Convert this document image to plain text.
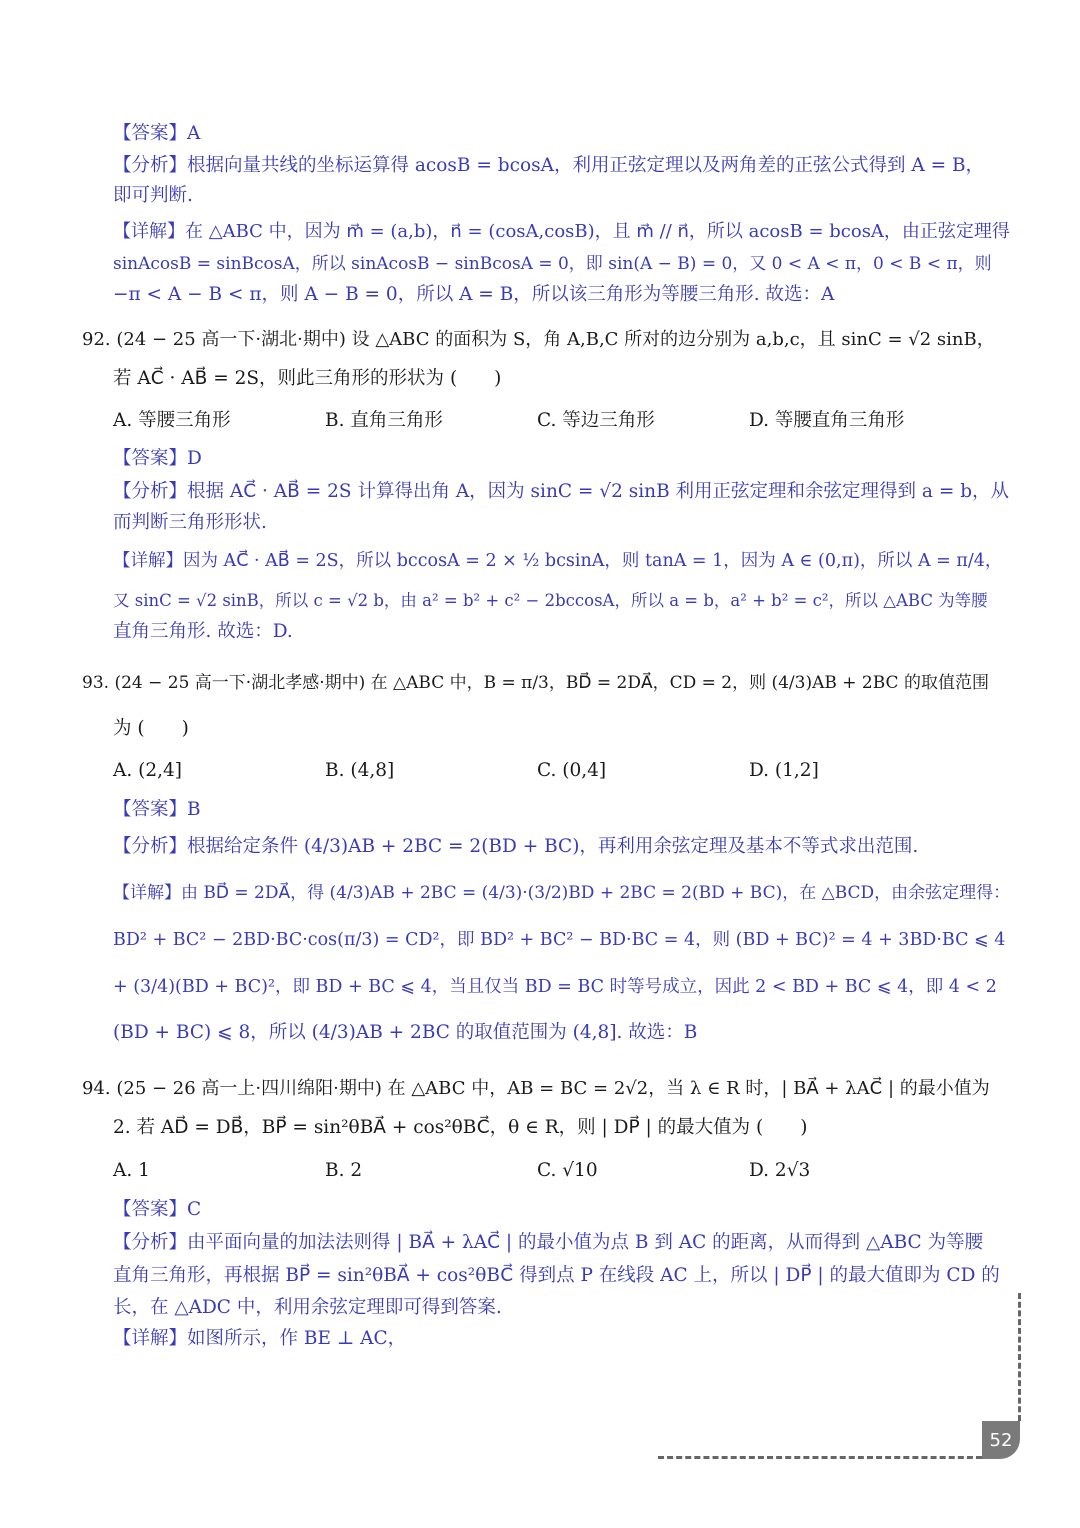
【答案】A
【分析】根据向量共线的坐标运算得 acosB = bcosA，利用正弦定理以及两角差的正弦公式得到 A = B，
即可判断.
【详解】在 △ABC 中，因为 m⃗ = (a,b)，n⃗ = (cosA,cosB)，且 m⃗ // n⃗，所以 acosB = bcosA，由正弦定理得
sinAcosB = sinBcosA，所以 sinAcosB − sinBcosA = 0，即 sin(A − B) = 0，又 0 < A < π，0 < B < π，则
−π < A − B < π，则 A − B = 0，所以 A = B，所以该三角形为等腰三角形. 故选：A
92. (24 − 25 高一下·湖北·期中) 设 △ABC 的面积为 S，角 A,B,C 所对的边分别为 a,b,c，且 sinC = √2 sinB，
若 AC⃗ · AB⃗ = 2S，则此三角形的形状为 (　　)
A. 等腰三角形	B. 直角三角形	C. 等边三角形	D. 等腰直角三角形
【答案】D
【分析】根据 AC⃗ · AB⃗ = 2S 计算得出角 A，因为 sinC = √2 sinB 利用正弦定理和余弦定理得到 a = b，从
而判断三角形形状.
【详解】因为 AC⃗ · AB⃗ = 2S，所以 bccosA = 2 × ½ bcsinA，则 tanA = 1，因为 A ∈ (0,π)，所以 A = π/4，
又 sinC = √2 sinB，所以 c = √2 b，由 a² = b² + c² − 2bccosA，所以 a = b，a² + b² = c²，所以 △ABC 为等腰
直角三角形. 故选：D.
93. (24 − 25 高一下·湖北孝感·期中) 在 △ABC 中，B = π/3，BD⃗ = 2DA⃗，CD = 2，则 (4/3)AB + 2BC 的取值范围
为 (　　)
A. (2,4]	B. (4,8]	C. (0,4]	D. (1,2]
【答案】B
【分析】根据给定条件 (4/3)AB + 2BC = 2(BD + BC)，再利用余弦定理及基本不等式求出范围.
【详解】由 BD⃗ = 2DA⃗，得 (4/3)AB + 2BC = (4/3)·(3/2)BD + 2BC = 2(BD + BC)，在 △BCD，由余弦定理得：
BD² + BC² − 2BD·BC·cos(π/3) = CD²，即 BD² + BC² − BD·BC = 4，则 (BD + BC)² = 4 + 3BD·BC ⩽ 4
+ (3/4)(BD + BC)²，即 BD + BC ⩽ 4，当且仅当 BD = BC 时等号成立，因此 2 < BD + BC ⩽ 4，即 4 < 2
(BD + BC) ⩽ 8，所以 (4/3)AB + 2BC 的取值范围为 (4,8]. 故选：B
94. (25 − 26 高一上·四川绵阳·期中) 在 △ABC 中，AB = BC = 2√2，当 λ ∈ R 时，| BA⃗ + λAC⃗ | 的最小值为
2. 若 AD⃗ = DB⃗，BP⃗ = sin²θBA⃗ + cos²θBC⃗，θ ∈ R，则 | DP⃗ | 的最大值为 (　　)
A. 1	B. 2	C. √10	D. 2√3
【答案】C
【分析】由平面向量的加法法则得 | BA⃗ + λAC⃗ | 的最小值为点 B 到 AC 的距离，从而得到 △ABC 为等腰
直角三角形，再根据 BP⃗ = sin²θBA⃗ + cos²θBC⃗ 得到点 P 在线段 AC 上，所以 | DP⃗ | 的最大值即为 CD 的
长，在 △ADC 中，利用余弦定理即可得到答案.
【详解】如图所示，作 BE ⊥ AC，
52
